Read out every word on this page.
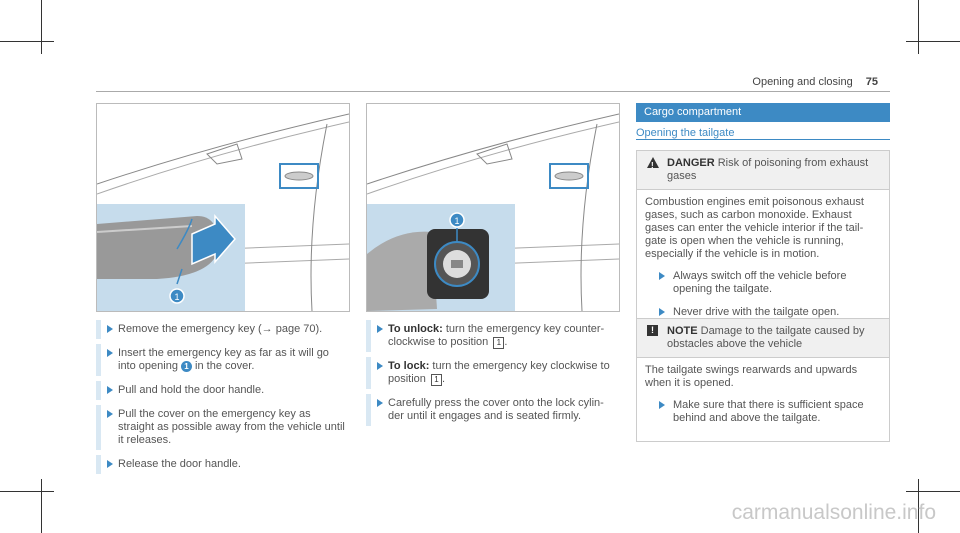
Opening and closing 75
1
1
Remove the emergency key (→ page 70).
Insert the emergency key as far as it will go into opening 1 in the cover.
Pull and hold the door handle.
Pull the cover on the emergency key as straight as possible away from the vehicle until it releases.
Release the door handle.
To unlock: turn the emergency key counter-clockwise to position 1 .
To lock: turn the emergency key clockwise to position 1 .
Carefully press the cover onto the lock cylin-der until it engages and is seated firmly.
Cargo compartment
Opening the tailgate
! DANGER Risk of poisoning from exhaust gases

Combustion engines emit poisonous exhaust gases, such as carbon monoxide. Exhaust gases can enter the vehicle interior if the tail-gate is open when the vehicle is running, especially if the vehicle is in motion.

Always switch off the vehicle before opening the tailgate.
Never drive with the tailgate open.
!	NOTE Damage to the tailgate caused by obstacles above the vehicle

The tailgate swings rearwards and upwards when it is opened.

Make sure that there is sufficient space behind and above the tailgate.
carmanualsonline.info
